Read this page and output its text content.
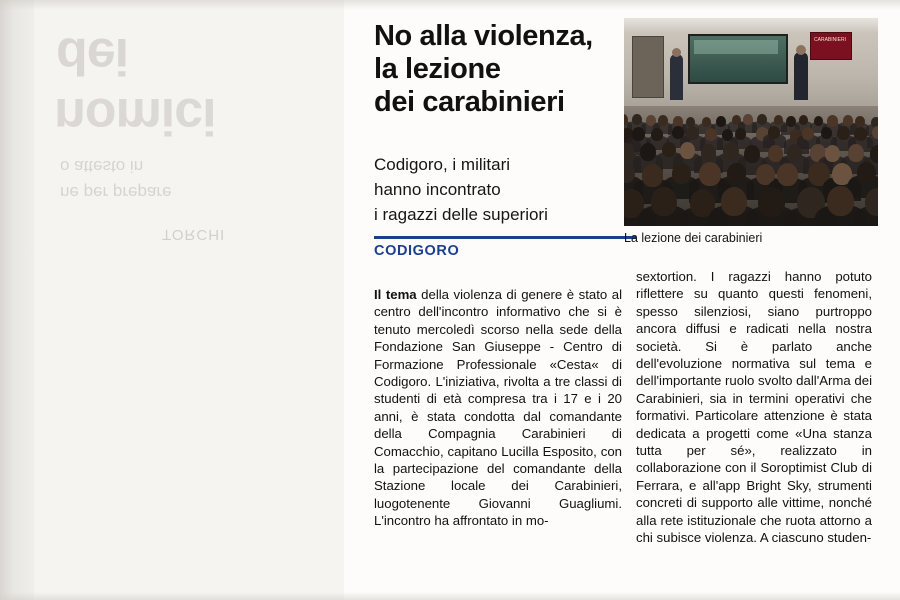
dei
nomici
o attesto in
ne per prepare
TORCHI
No alla violenza,
la lezione
dei carabinieri
Codigoro, i militari
hanno incontrato
i ragazzi delle superiori
CODIGORO

Il tema della violenza di genere è stato al centro dell'incontro informativo che si è tenuto mercoledì scorso nella sede della Fondazione San Giuseppe - Centro di Formazione Professionale «Cesta« di Codigoro. L'iniziativa, rivolta a tre classi di studenti di età compresa tra i 17 e i 20 anni, è stata condotta dal comandante della Compagnia Carabinieri di Comacchio, capitano Lucilla Esposito, con la partecipazione del comandante della Stazione locale dei Carabinieri, luogotenente Giovanni Guagliumi. L'incontro ha affrontato in mo-

sextortion. I ragazzi hanno potuto riflettere su quanto questi fenomeni, spesso silenziosi, siano purtroppo ancora diffusi e radicati nella nostra società. Si è parlato anche dell'evoluzione normativa sul tema e dell'importante ruolo svolto dall'Arma dei Carabinieri, sia in termini operativi che formativi. Particolare attenzione è stata dedicata a progetti come «Una stanza tutta per sé», realizzato in collaborazione con il Soroptimist Club di Ferrara, e all'app Bright Sky, strumenti concreti di supporto alle vittime, nonché alla rete istituzionale che ruota attorno a chi subisce violenza. A ciascuno studen-

CARABINIERI
La lezione dei carabinieri
